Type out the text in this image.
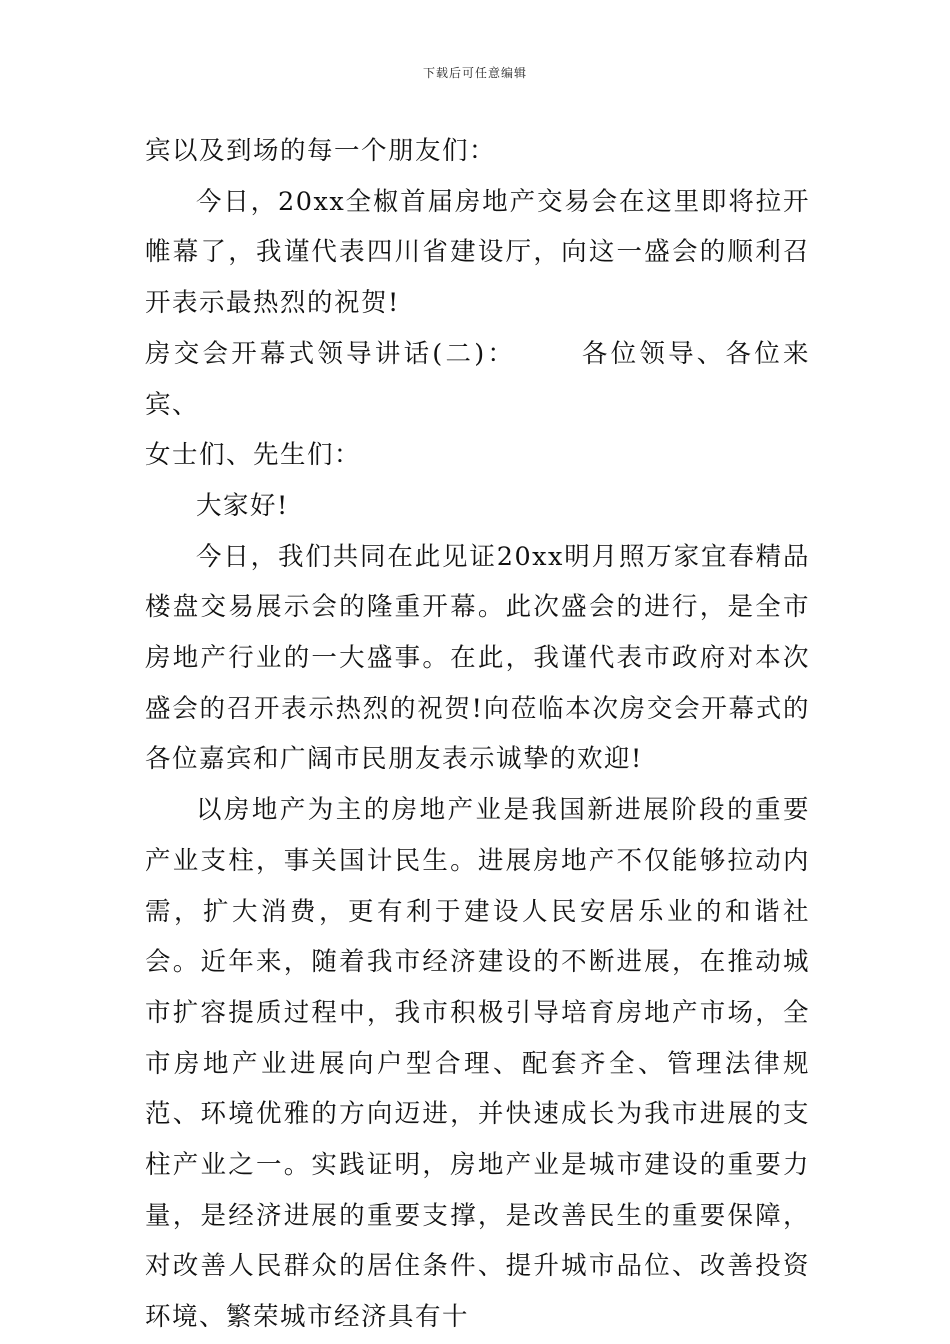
下载后可任意编辑

宾以及到场的每一个朋友们：

今日，20xx全椒首届房地产交易会在这里即将拉开帷幕了，我谨代表四川省建设厅，向这一盛会的顺利召开表示最热烈的祝贺!

房交会开幕式领导讲话(二)：	各位领导、各位来宾、

女士们、先生们：

大家好!

今日，我们共同在此见证20xx明月照万家宜春精品楼盘交易展示会的隆重开幕。此次盛会的进行，是全市房地产行业的一大盛事。在此，我谨代表市政府对本次盛会的召开表示热烈的祝贺!向莅临本次房交会开幕式的各位嘉宾和广阔市民朋友表示诚挚的欢迎!

以房地产为主的房地产业是我国新进展阶段的重要产业支柱，事关国计民生。进展房地产不仅能够拉动内需，扩大消费，更有利于建设人民安居乐业的和谐社会。近年来，随着我市经济建设的不断进展，在推动城市扩容提质过程中，我市积极引导培育房地产市场，全市房地产业进展向户型合理、配套齐全、管理法律规范、环境优雅的方向迈进，并快速成长为我市进展的支柱产业之一。实践证明，房地产业是城市建设的重要力量，是经济进展的重要支撑，是改善民生的重要保障，对改善人民群众的居住条件、提升城市品位、改善投资环境、繁荣城市经济具有十
